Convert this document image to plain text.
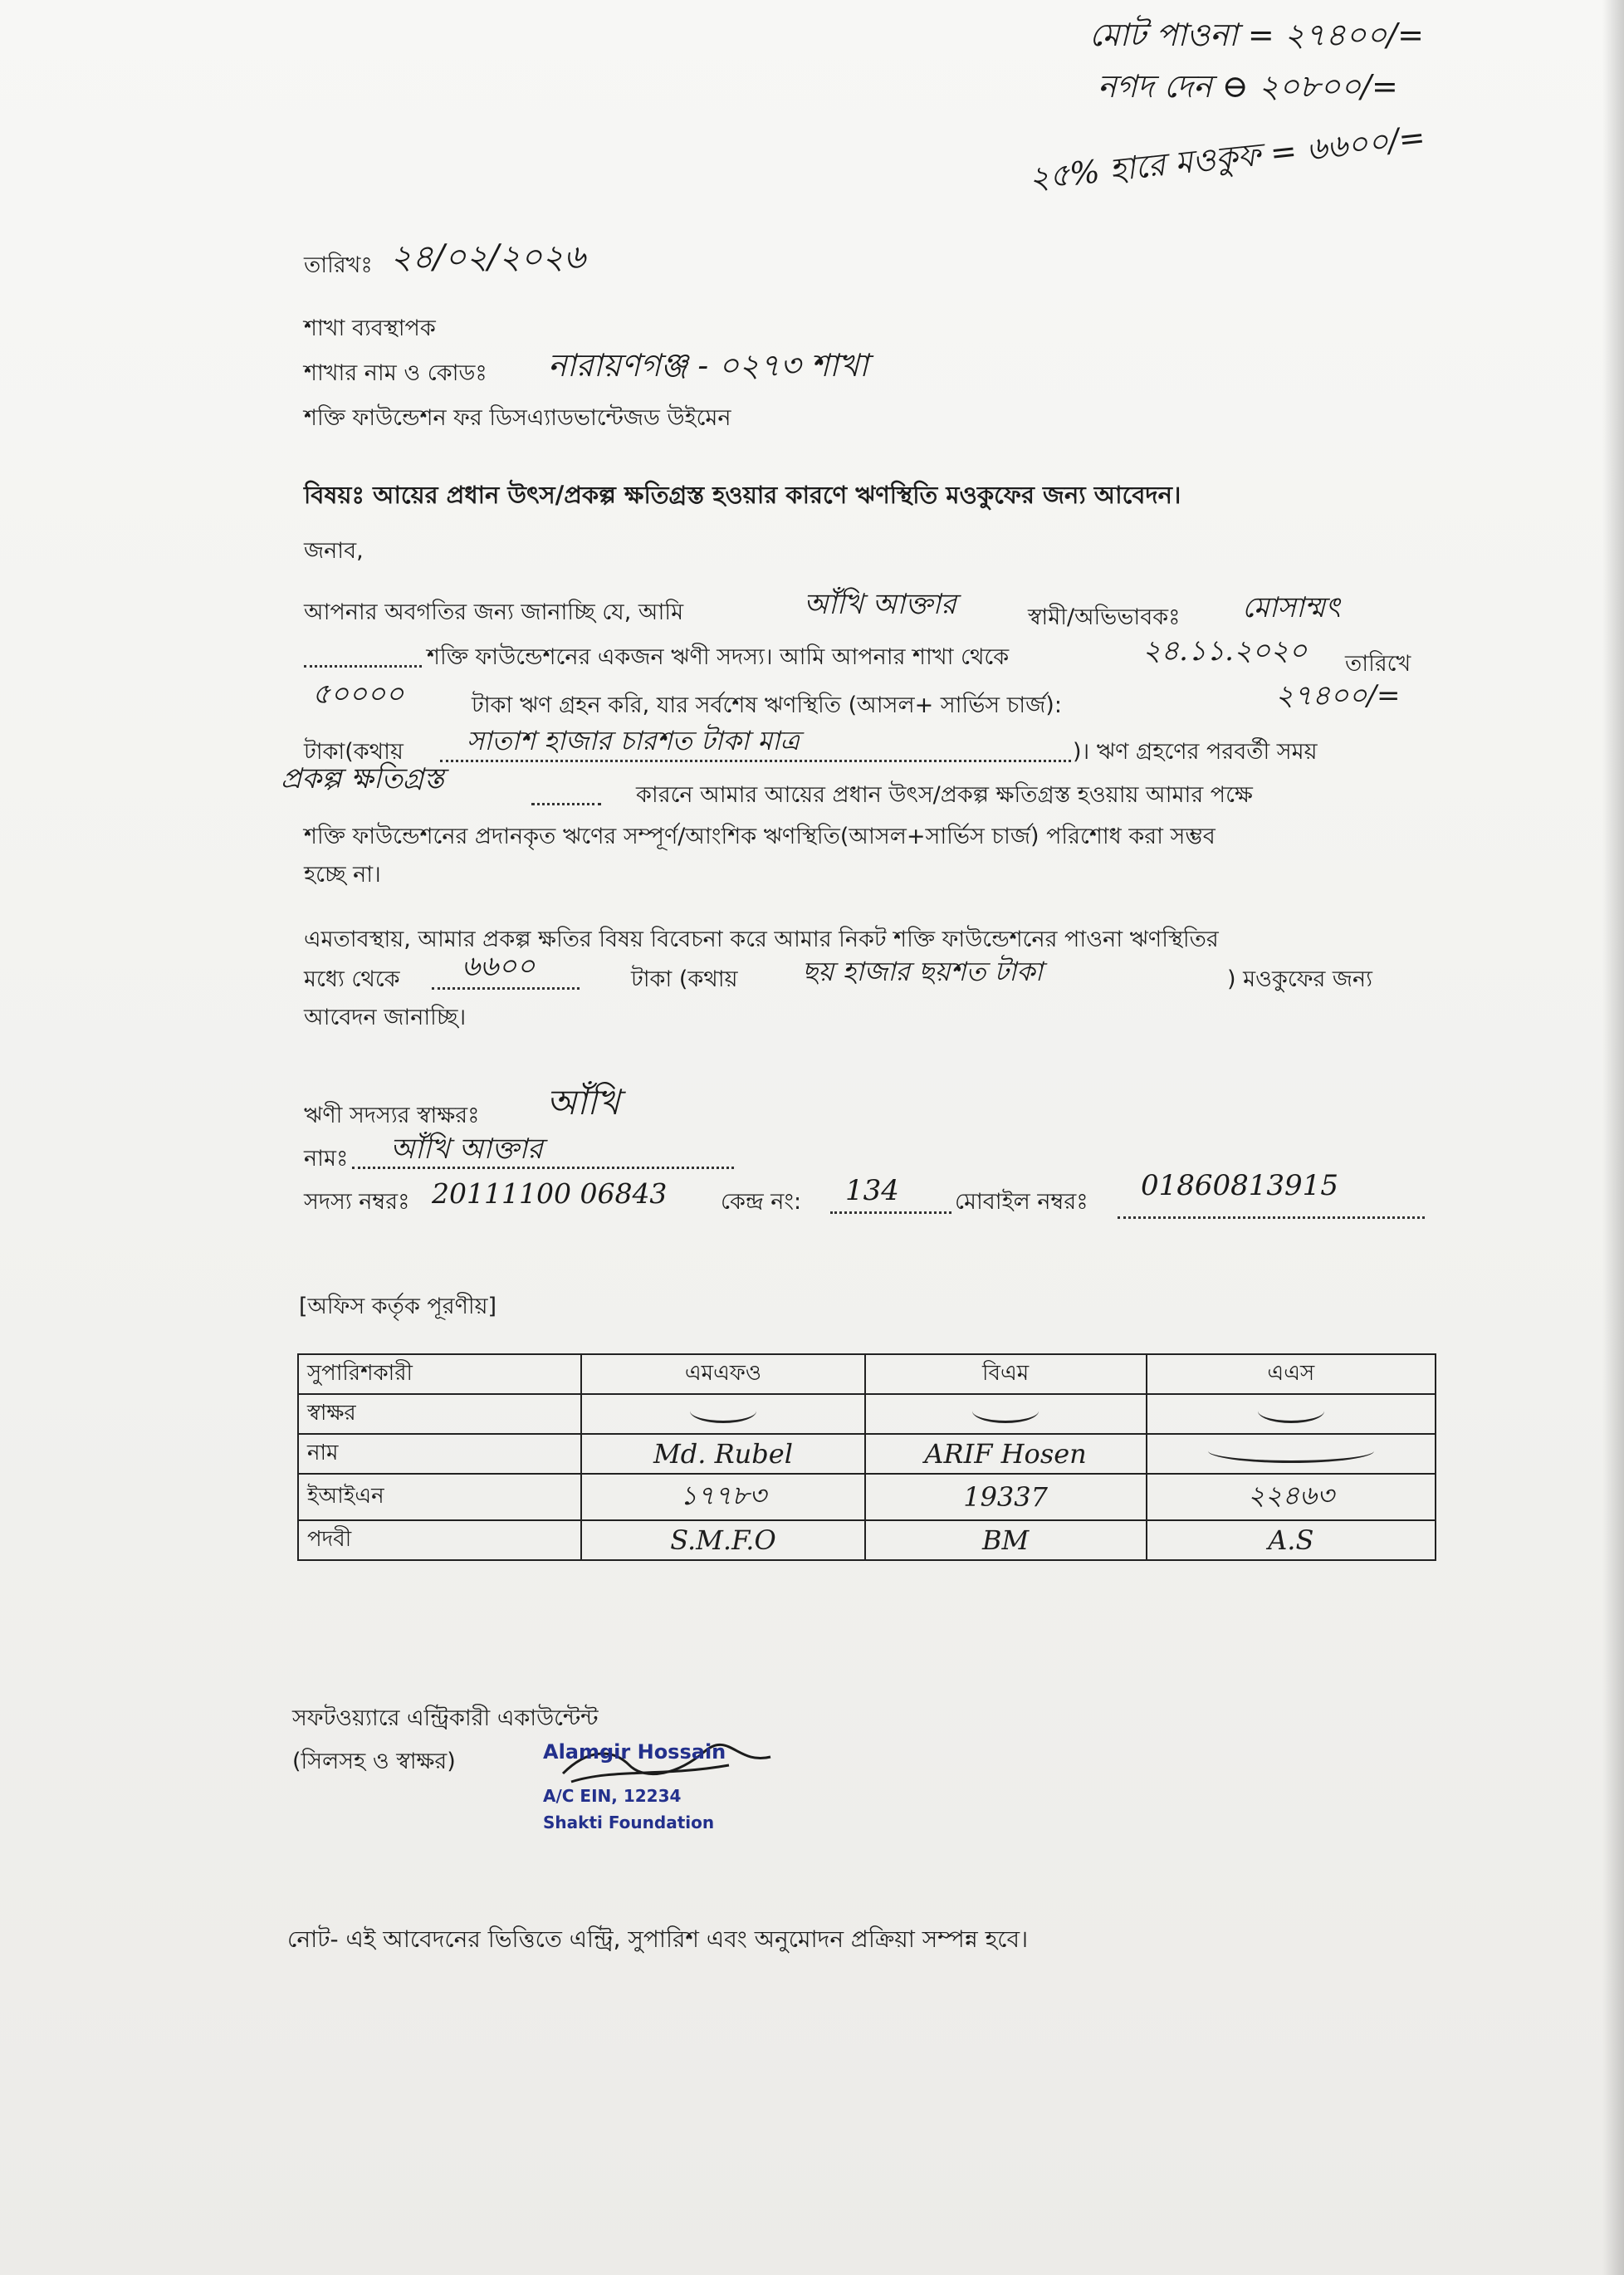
মোট পাওনা = ২৭৪০০/=
নগদ দেন ⊖ ২০৮০০/=
২৫% হারে মওকুফ = ৬৬০০/=
তারিখঃ ২৪/০২/২০২৬
শাখা ব্যবস্থাপক
শাখার নাম ও কোডঃ নারায়ণগঞ্জ - ০২৭৩ শাখা
শক্তি ফাউন্ডেশন ফর ডিসএ্যাডভান্টেজড উইমেন
বিষয়ঃ আয়ের প্রধান উৎস/প্রকল্প ক্ষতিগ্রস্ত হওয়ার কারণে ঋণস্থিতি মওকুফের জন্য আবেদন।
জনাব,
আপনার অবগতির জন্য জানাচ্ছি যে, আমি	আঁখি আক্তার	স্বামী/অভিভাবকঃ মোসাম্মৎ
শক্তি ফাউন্ডেশনের একজন ঋণী সদস্য। আমি আপনার শাখা থেকে	২৪.১১.২০২০ তারিখে
৫০০০০	টাকা ঋণ গ্রহন করি, যার সর্বশেষ ঋণস্থিতি (আসল+ সার্ভিস চার্জ):	২৭৪০০/=
টাকা(কথায় সাতাশ হাজার চারশত টাকা মাত্র	)। ঋণ গ্রহণের পরবর্তী সময়
প্রকল্প ক্ষতিগ্রস্ত	কারনে আমার আয়ের প্রধান উৎস/প্রকল্প ক্ষতিগ্রস্ত হওয়ায় আমার পক্ষে
শক্তি ফাউন্ডেশনের প্রদানকৃত ঋণের সম্পূর্ণ/আংশিক ঋণস্থিতি(আসল+সার্ভিস চার্জ) পরিশোধ করা সম্ভব
হচ্ছে না।
এমতাবস্থায়, আমার প্রকল্প ক্ষতির বিষয় বিবেচনা করে আমার নিকট শক্তি ফাউন্ডেশনের পাওনা ঋণস্থিতির
মধ্যে থেকে ৬৬০০	টাকা (কথায় ছয় হাজার ছয়শত টাকা	) মওকুফের জন্য
আবেদন জানাচ্ছি।
ঋণী সদস্যর স্বাক্ষরঃ আঁখি
নামঃ আঁখি আক্তার
সদস্য নম্বরঃ 20111100 06843 কেন্দ্র নং: 134 মোবাইল নম্বরঃ 01860813915
[অফিস কর্তৃক পূরণীয়]
সুপারিশকারী	এমএফও	বিএম	এএস
স্বাক্ষর			
নাম	Md. Rubel	ARIF Hosen	
ইআইএন	১৭৭৮৩	19337	২২৪৬৩
পদবী	S.M.F.O	BM	A.S
সফটওয়্যারে এন্ট্রিকারী একাউন্টেন্ট
(সিলসহ ও স্বাক্ষর)	Alamgir Hossain
A/C EIN, 12234
Shakti Foundation
নোট- এই আবেদনের ভিত্তিতে এন্ট্রি, সুপারিশ এবং অনুমোদন প্রক্রিয়া সম্পন্ন হবে।
